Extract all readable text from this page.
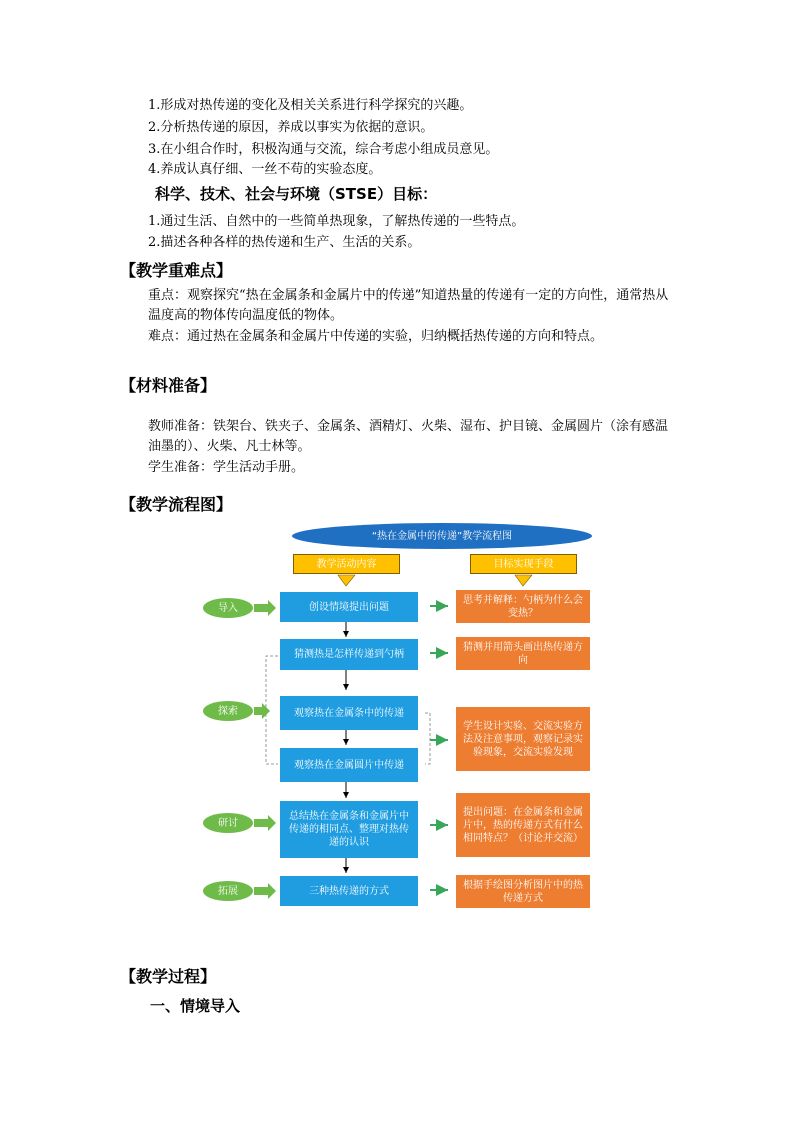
1.形成对热传递的变化及相关关系进行科学探究的兴趣。
2.分析热传递的原因，养成以事实为依据的意识。
3.在小组合作时，积极沟通与交流，综合考虑小组成员意见。
4.养成认真仔细、一丝不苟的实验态度。
科学、技术、社会与环境（STSE）目标：
1.通过生活、自然中的一些简单热现象，了解热传递的一些特点。
2.描述各种各样的热传递和生产、生活的关系。
【教学重难点】
重点：观察探究“热在金属条和金属片中的传递”知道热量的传递有一定的方向性，通常热从温度高的物体传向温度低的物体。
难点：通过热在金属条和金属片中传递的实验，归纳概括热传递的方向和特点。
【材料准备】
教师准备：铁架台、铁夹子、金属条、酒精灯、火柴、湿布、护目镜、金属圆片（涂有感温油墨的）、火柴、凡士林等。
学生准备：学生活动手册。
【教学流程图】
“热在金属中的传递”教学流程图
教学活动内容	目标实现手段
导入
探索
研讨
拓展
创设情境提出问题
猜测热是怎样传递到勺柄
观察热在金属条中的传递
观察热在金属圆片中传递
总结热在金属条和金属片中传递的相同点、整理对热传递的认识
三种热传递的方式
思考并解释：勺柄为什么会变热？
猜测并用箭头画出热传递方向
学生设计实验、交流实验方法及注意事项，观察记录实验现象，交流实验发现
提出问题：在金属条和金属片中，热的传递方式有什么相同特点？（讨论并交流）
根据手绘图分析图片中的热传递方式
【教学过程】
一、情境导入
